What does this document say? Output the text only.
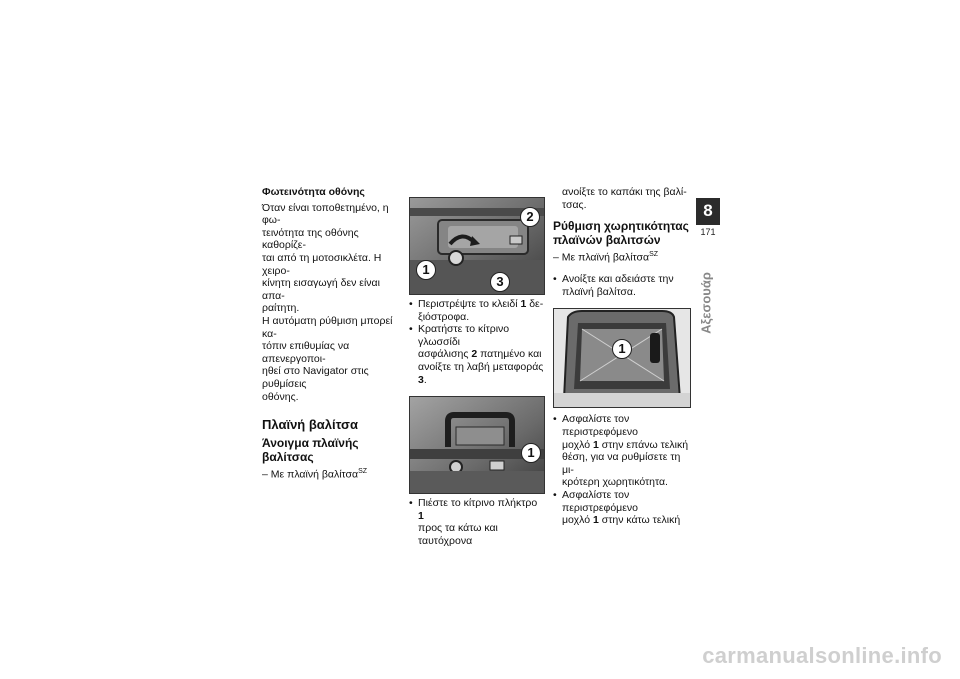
Φωτεινότητα οθόνης

Όταν είναι τοποθετημένο, η φω-
τεινότητα της οθόνης καθορίζε-
ται από τη μοτοσικλέτα. Η χειρο-
κίνητη εισαγωγή δεν είναι απα-
ραίτητη.

Η αυτόματη ρύθμιση μπορεί κα-
τόπιν επιθυμίας να απενεργοποι-
ηθεί στο Navigator στις ρυθμίσεις
οθόνης.

Πλαϊνή βαλίτσα
Άνοιγμα πλαϊνής
βαλίτσας
– Με πλαϊνή βαλίτσα$^{SZ}$
1
2
3
• Περιστρέψτε το κλειδί 1 δε-
ξιόστροφα.
• Κρατήστε το κίτρινο γλωσσίδι
ασφάλισης 2 πατημένο και
ανοίξτε τη λαβή μεταφοράς 3.
1
• Πιέστε το κίτρινο πλήκτρο 1
προς τα κάτω και ταυτόχρονα
ανοίξτε το καπάκι της βαλί-
τσας.
Ρύθμιση χωρητικότητας
πλαϊνών βαλιτσών
– Με πλαϊνή βαλίτσα$^{SZ}$
• Ανοίξτε και αδειάστε την
πλαϊνή βαλίτσα.
1
• Ασφαλίστε τον περιστρεφόμενο
μοχλό 1 στην επάνω τελική
θέση, για να ρυθμίσετε τη μι-
κρότερη χωρητικότητα.
• Ασφαλίστε τον περιστρεφόμενο
μοχλό 1 στην κάτω τελική
8
171
Αξεσουάρ
carmanualsonline.info
